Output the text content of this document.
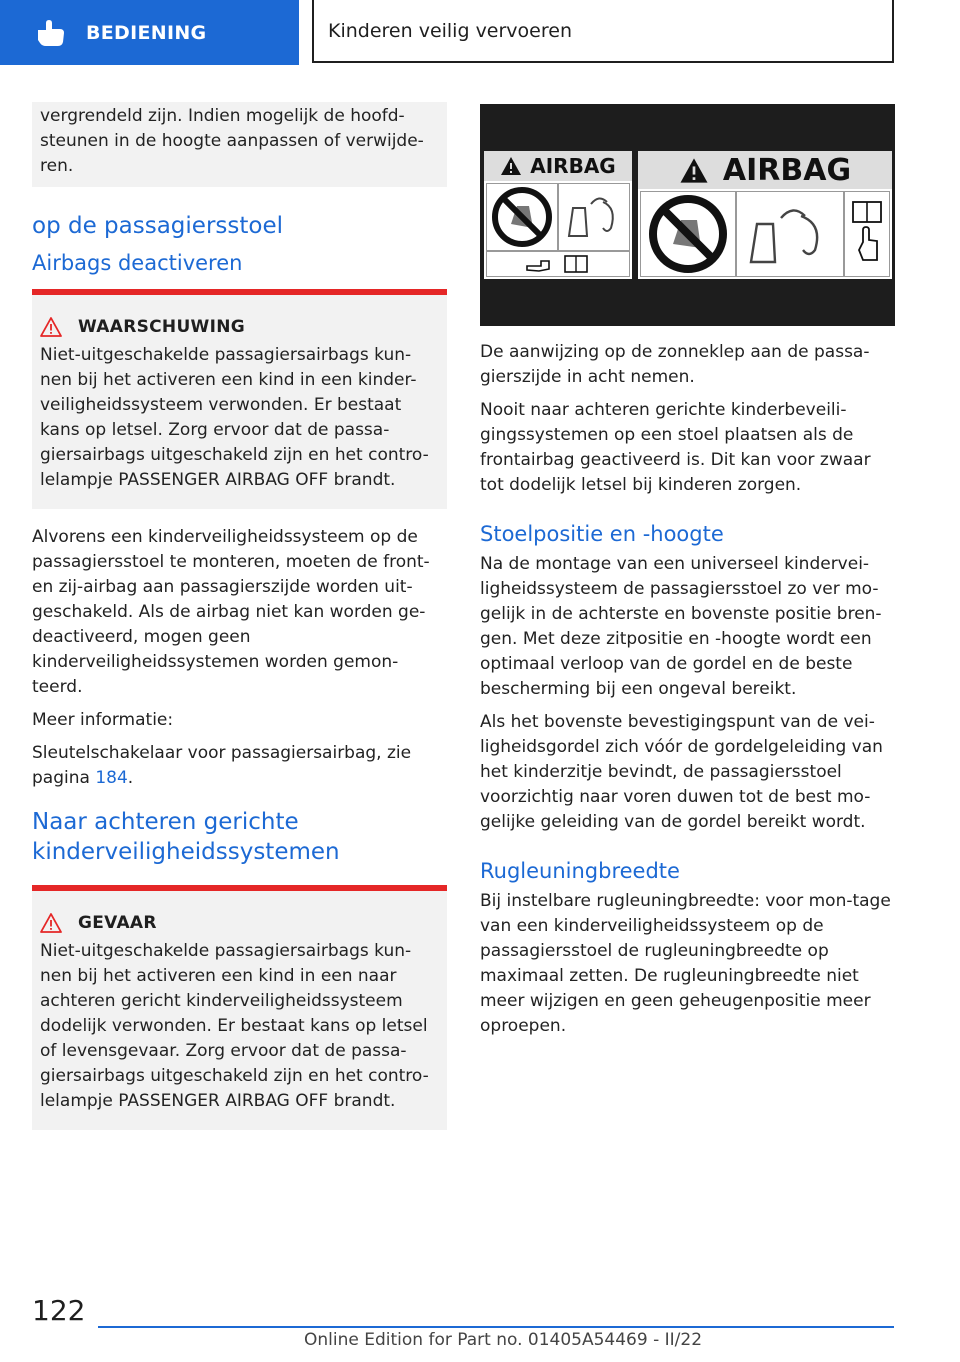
BEDIENING	Kinderen veilig vervoeren

vergrendeld zijn. Indien mogelijk de hoofd-steunen in de hoogte aanpassen of verwijde-ren.

op de passagiersstoel
Airbags deactiveren
WAARSCHUWING

Niet-uitgeschakelde passagiersairbags kun-nen bij het activeren een kind in een kinder-veiligheidssysteem verwonden. Er bestaat kans op letsel. Zorg ervoor dat de passa-giersairbags uitgeschakeld zijn en het contro-lelampje PASSENGER AIRBAG OFF brandt.

Alvorens een kinderveiligheidssysteem op de passagiersstoel te monteren, moeten de front- en zij-airbag aan passagierszijde worden uit-geschakeld. Als de airbag niet kan worden ge-deactiveerd, mogen geen kinderveiligheidssystemen worden gemon-teerd.

Meer informatie:

Sleutelschakelaar voor passagiersairbag, zie pagina 184.

Naar achteren gerichte kinderveiligheidssystemen
GEVAAR

Niet-uitgeschakelde passagiersairbags kun-nen bij het activeren een kind in een naar achteren gericht kinderveiligheidssysteem dodelijk verwonden. Er bestaat kans op letsel of levensgevaar. Zorg ervoor dat de passa-giersairbags uitgeschakeld zijn en het contro-lelampje PASSENGER AIRBAG OFF brandt.

AIRBAG	AIRBAG

De aanwijzing op de zonneklep aan de passa-gierszijde in acht nemen.

Nooit naar achteren gerichte kinderbeveili-gingssystemen op een stoel plaatsen als de frontairbag geactiveerd is. Dit kan voor zwaar tot dodelijk letsel bij kinderen zorgen.

Stoelpositie en -hoogte

Na de montage van een universeel kindervei-ligheidssysteem de passagiersstoel zo ver mo-gelijk in de achterste en bovenste positie bren-gen. Met deze zitpositie en -hoogte wordt een optimaal verloop van de gordel en de beste bescherming bij een ongeval bereikt.

Als het bovenste bevestigingspunt van de vei-ligheidsgordel zich vóór de gordelgeleiding van het kinderzitje bevindt, de passagiersstoel voorzichtig naar voren duwen tot de best mo-gelijke geleiding van de gordel bereikt wordt.

Rugleuningbreedte

Bij instelbare rugleuningbreedte: voor mon-tage van een kinderveiligheidssysteem op de passagiersstoel de rugleuningbreedte op maximaal zetten. De rugleuningbreedte niet meer wijzigen en geen geheugenpositie meer oproepen.

122
Online Edition for Part no. 01405A54469 - II/22
